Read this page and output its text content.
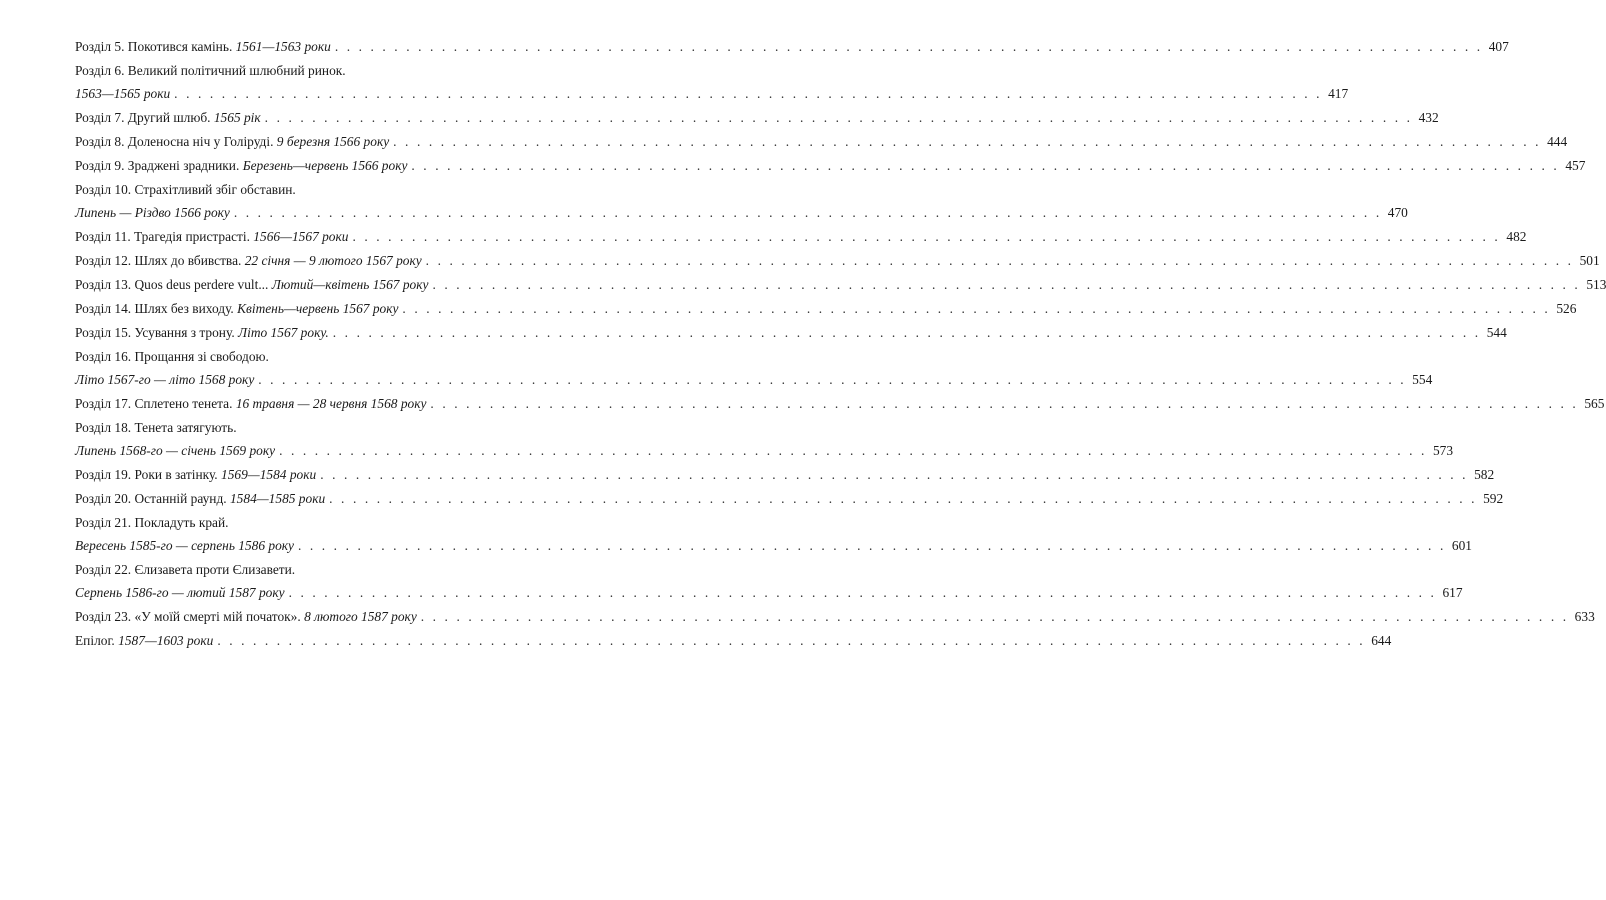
Розділ 5. Покотився камінь. 1561—1563 роки . . .	407
Розділ 6. Великий політичний шлюбний ринок.
1563—1565 роки . . .	417
Розділ 7. Другий шлюб. 1565 рік . . .	432
Розділ 8. Доленосна ніч у Голіруді. 9 березня 1566 року . . .	444
Розділ 9. Зраджені зрадники. Березень—червень 1566 року . . .	457
Розділ 10. Страхітливий збіг обставин.
Липень — Різдво 1566 року . . .	470
Розділ 11. Трагедія пристрасті. 1566—1567 роки . . .	482
Розділ 12. Шлях до вбивства. 22 січня — 9 лютого 1567 року . . .	501
Розділ 13. Quos deus perdere vult... Лютий—квітень 1567 року . . .	513
Розділ 14. Шлях без виходу. Квітень—червень 1567 року . . .	526
Розділ 15. Усування з трону. Літо 1567 року. . . .	544
Розділ 16. Прощання зі свободою.
Літо 1567-го — літо 1568 року . . .	554
Розділ 17. Сплетено тенета. 16 травня — 28 червня 1568 року . . .	565
Розділ 18. Тенета затягують.
Липень 1568-го — січень 1569 року . . .	573
Розділ 19. Роки в затінку. 1569—1584 роки . . .	582
Розділ 20. Останній раунд. 1584—1585 роки . . .	592
Розділ 21. Покладуть край.
Вересень 1585-го — серпень 1586 року . . .	601
Розділ 22. Єлизавета проти Єлизавети.
Серпень 1586-го — лютий 1587 року . . .	617
Розділ 23. «У моїй смерті мій початок». 8 лютого 1587 року . . .	633
Епілог. 1587—1603 роки . . .	644
